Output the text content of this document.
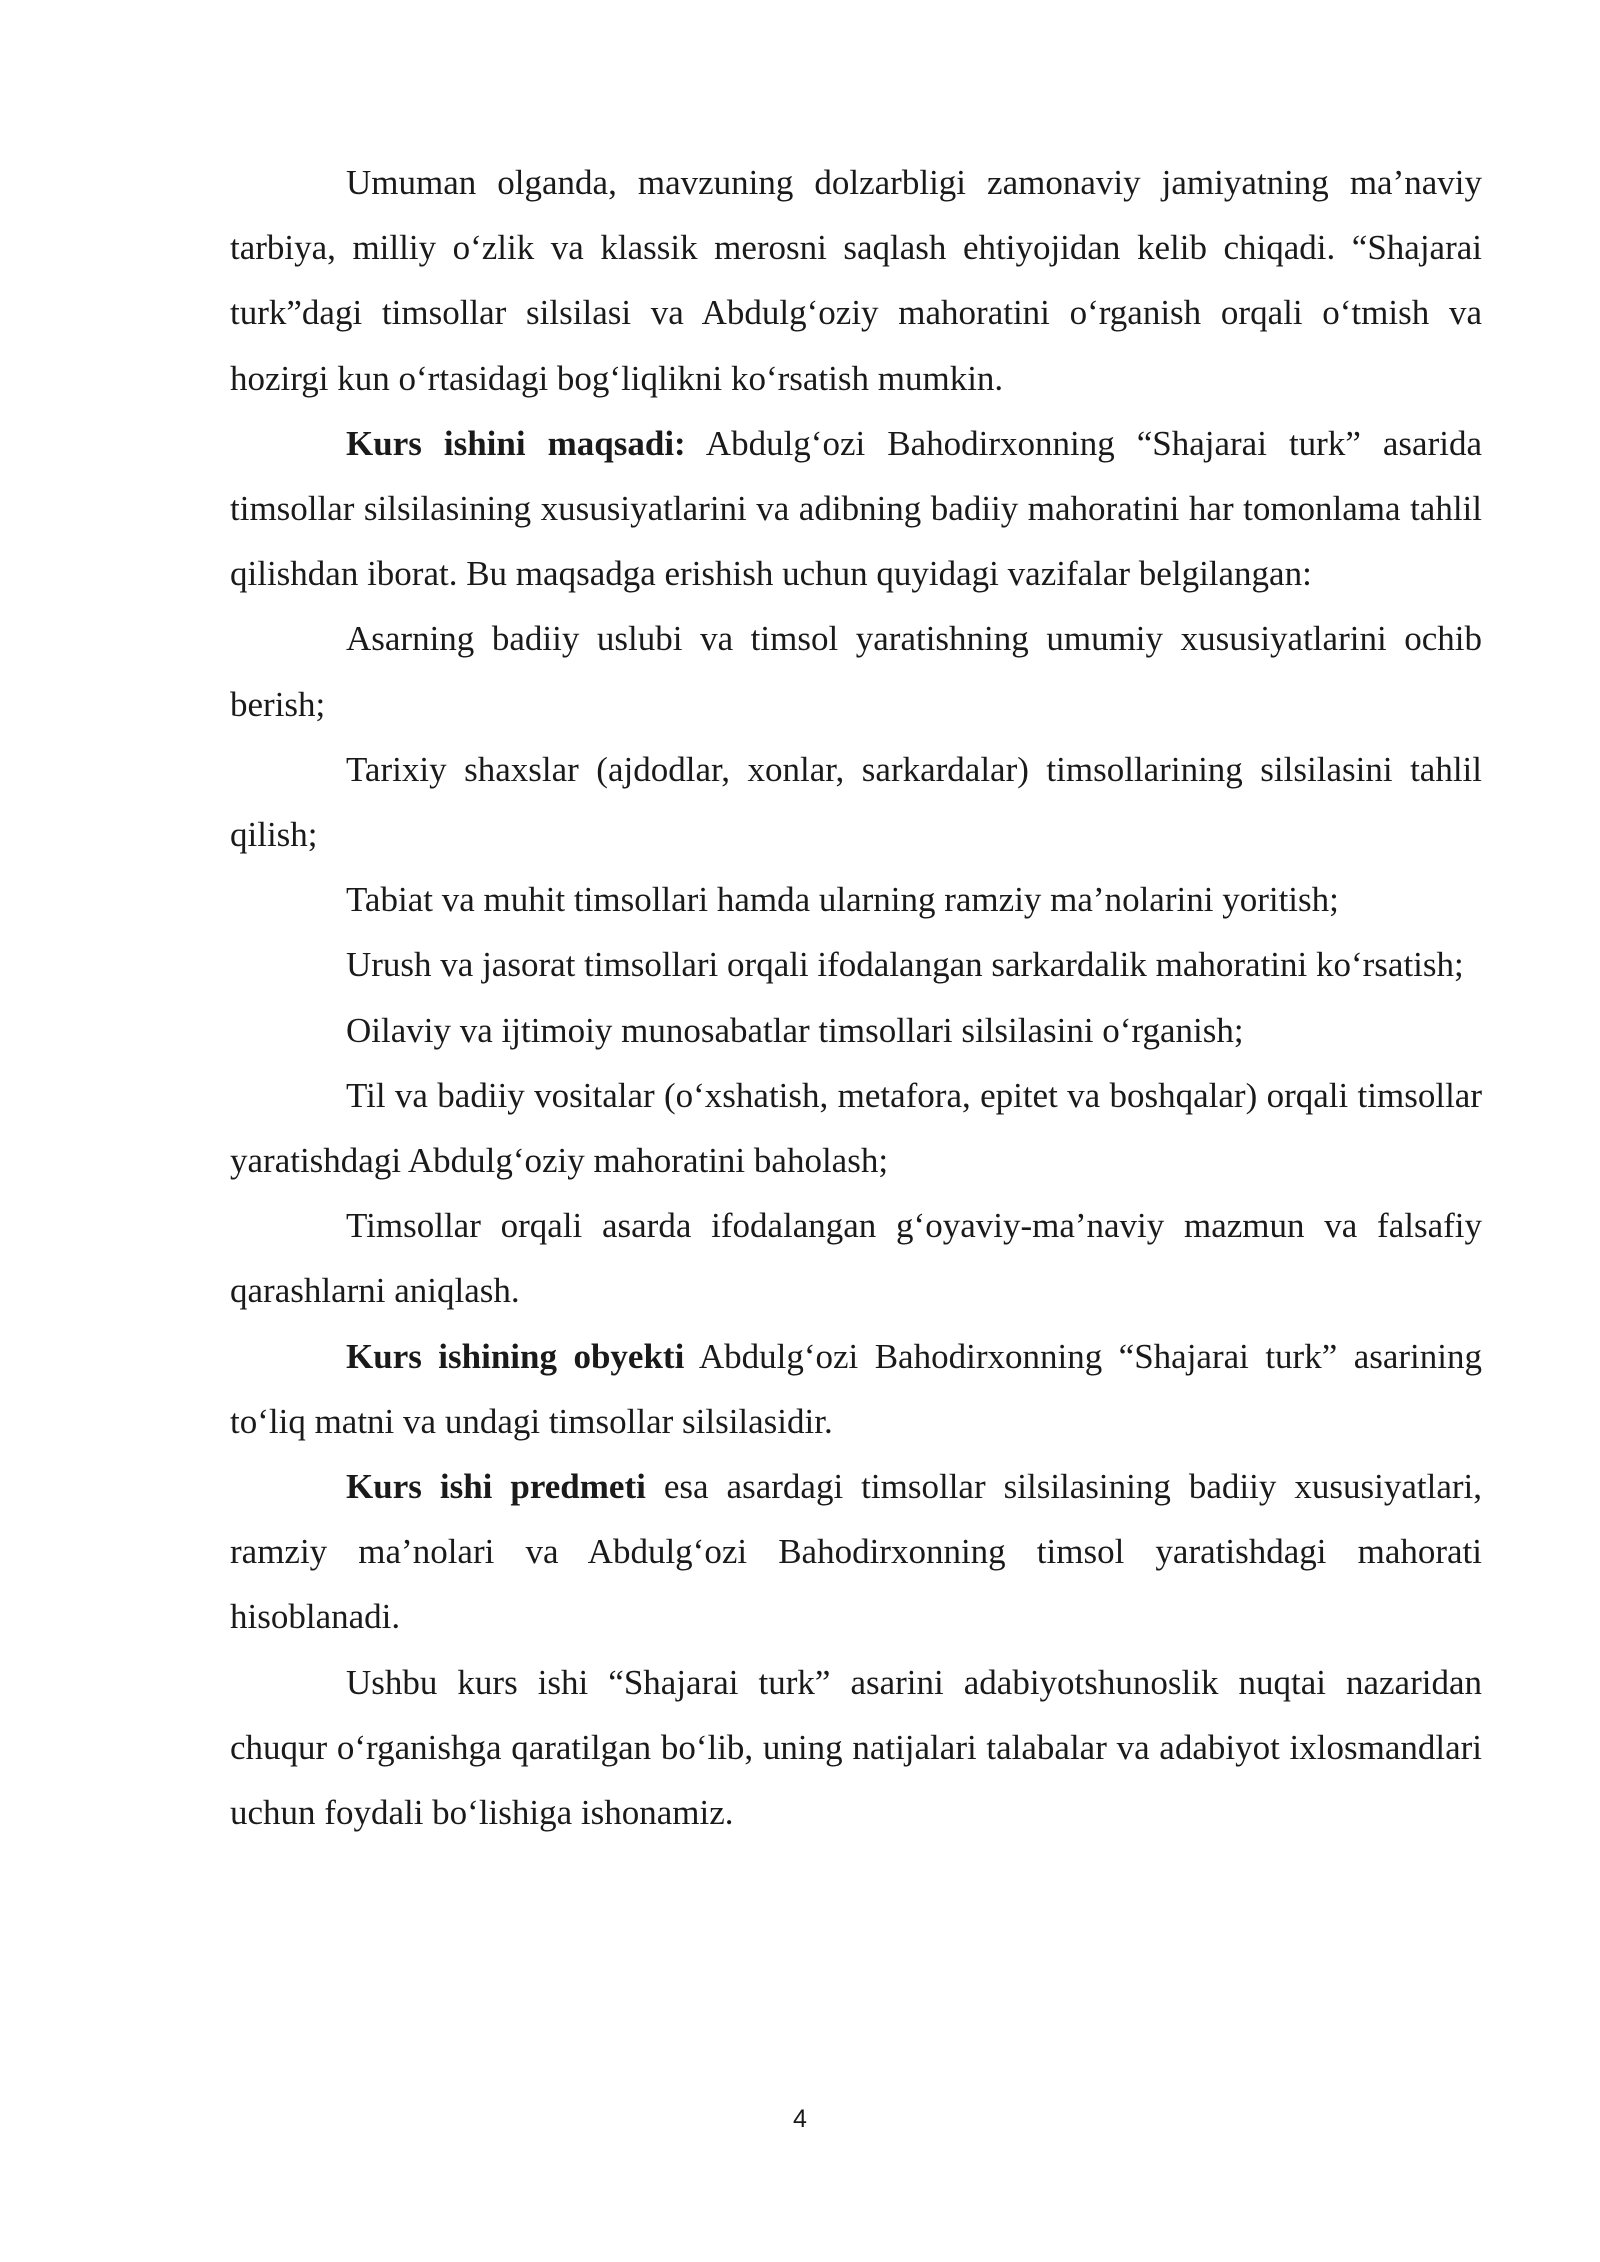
Umuman olganda, mavzuning dolzarbligi zamonaviy jamiyatning ma’naviy tarbiya, milliy o‘zlik va klassik merosni saqlash ehtiyojidan kelib chiqadi. “Shajarai turk”dagi timsollar silsilasi va Abdulg‘oziy mahoratini o‘rganish orqali o‘tmish va hozirgi kun o‘rtasidagi bog‘liqlikni ko‘rsatish mumkin.

Kurs ishini maqsadi: Abdulg‘ozi Bahodirxonning “Shajarai turk” asarida timsollar silsilasining xususiyatlarini va adibning badiiy mahoratini har tomonlama tahlil qilishdan iborat. Bu maqsadga erishish uchun quyidagi vazifalar belgilangan:

Asarning badiiy uslubi va timsol yaratishning umumiy xususiyatlarini ochib berish;

Tarixiy shaxslar (ajdodlar, xonlar, sarkardalar) timsollarining silsilasini tahlil qilish;

Tabiat va muhit timsollari hamda ularning ramziy ma’nolarini yoritish;

Urush va jasorat timsollari orqali ifodalangan sarkardalik mahoratini ko‘rsatish;

Oilaviy va ijtimoiy munosabatlar timsollari silsilasini o‘rganish;

Til va badiiy vositalar (o‘xshatish, metafora, epitet va boshqalar) orqali timsollar yaratishdagi Abdulg‘oziy mahoratini baholash;

Timsollar orqali asarda ifodalangan g‘oyaviy-ma’naviy mazmun va falsafiy qarashlarni aniqlash.

Kurs ishining obyekti Abdulg‘ozi Bahodirxonning “Shajarai turk” asarining to‘liq matni va undagi timsollar silsilasidir.

Kurs ishi predmeti esa asardagi timsollar silsilasining badiiy xususiyatlari, ramziy ma’nolari va Abdulg‘ozi Bahodirxonning timsol yaratishdagi mahorati hisoblanadi.

Ushbu kurs ishi “Shajarai turk” asarini adabiyotshunoslik nuqtai nazaridan chuqur o‘rganishga qaratilgan bo‘lib, uning natijalari talabalar va adabiyot ixlosmandlari uchun foydali bo‘lishiga ishonamiz.

4
